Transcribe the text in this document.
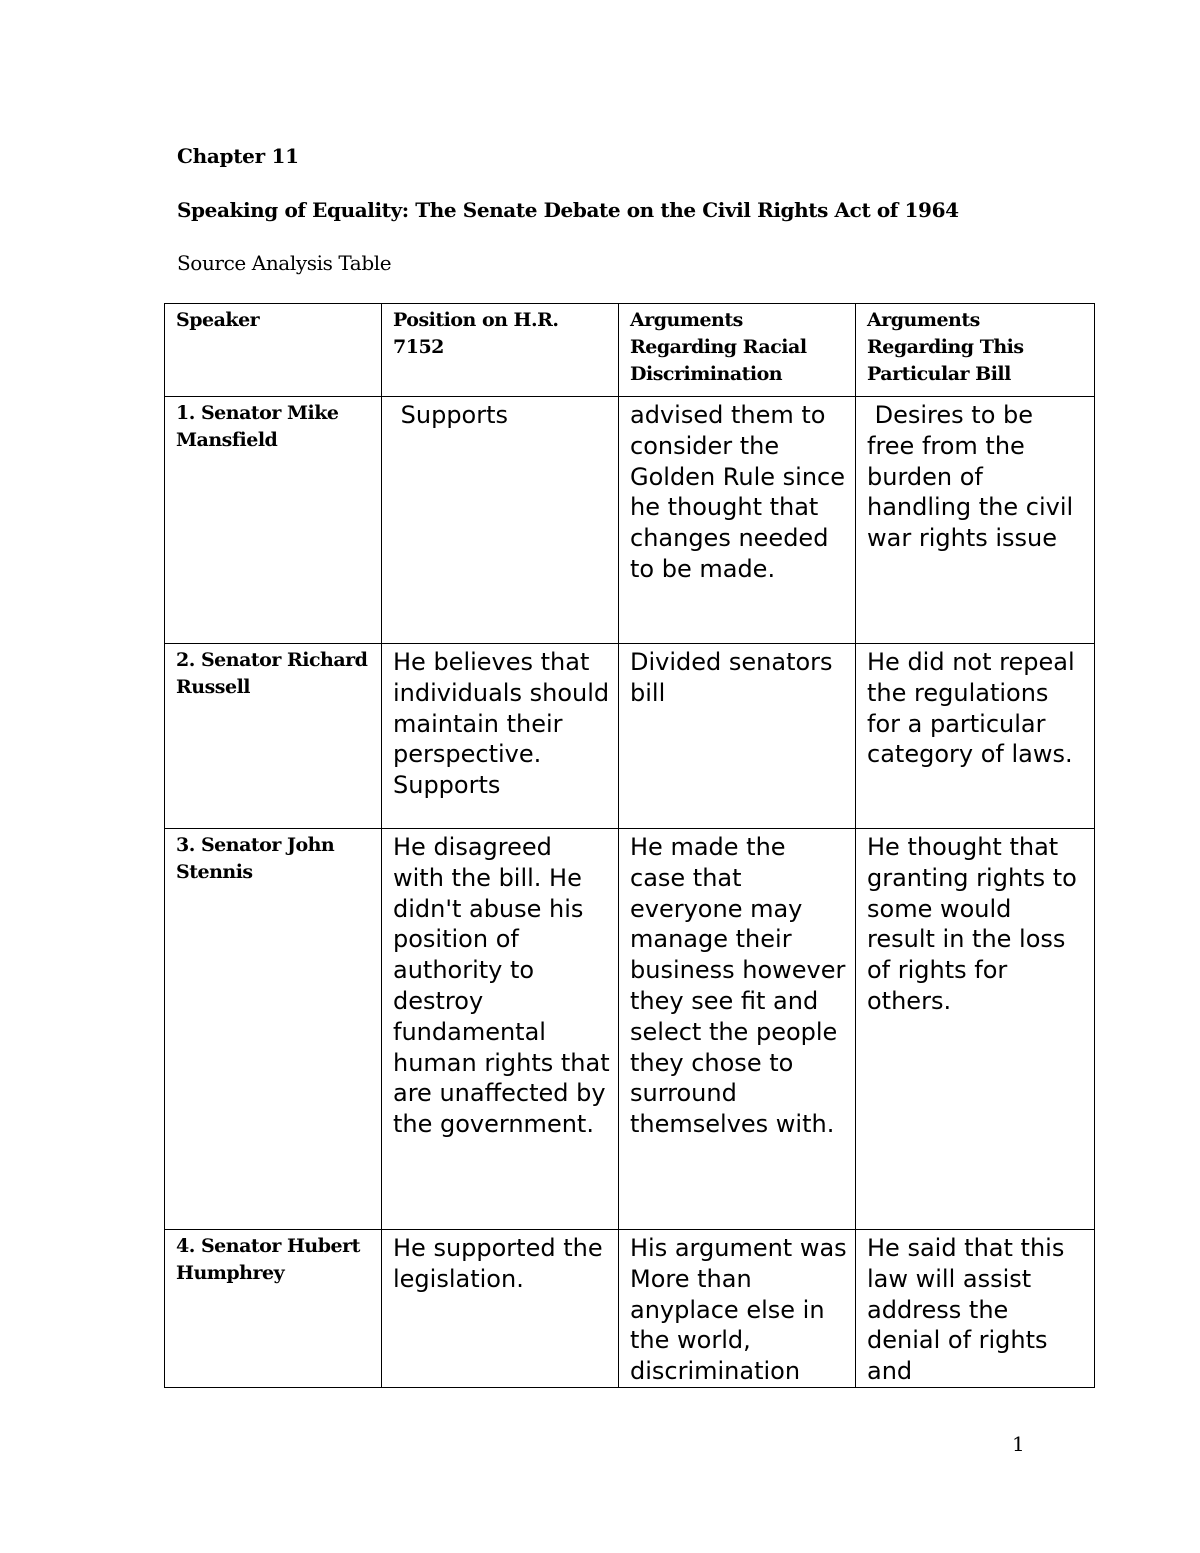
Chapter 11
Speaking of Equality: The Senate Debate on the Civil Rights Act of 1964
Source Analysis Table
Speaker	Position on H.R. 7152	Arguments Regarding Racial Discrimination	Arguments Regarding This Particular Bill
1. Senator Mike Mansfield	Supports	advised them to consider the Golden Rule since he thought that changes needed to be made.	Desires to be free from the burden of handling the civil war rights issue
2. Senator Richard Russell	He believes that individuals should maintain their perspective. Supports	Divided senators bill	He did not repeal the regulations for a particular category of laws.
3. Senator John Stennis	He disagreed with the bill. He didn't abuse his position of authority to destroy fundamental human rights that are unaffected by the government.	He made the case that everyone may manage their business however they see fit and select the people they chose to surround themselves with.	He thought that granting rights to some would result in the loss of rights for others.
4. Senator Hubert Humphrey	He supported the legislation.	His argument was More than anyplace else in the world, discrimination	He said that this law will assist address the denial of rights and
1
